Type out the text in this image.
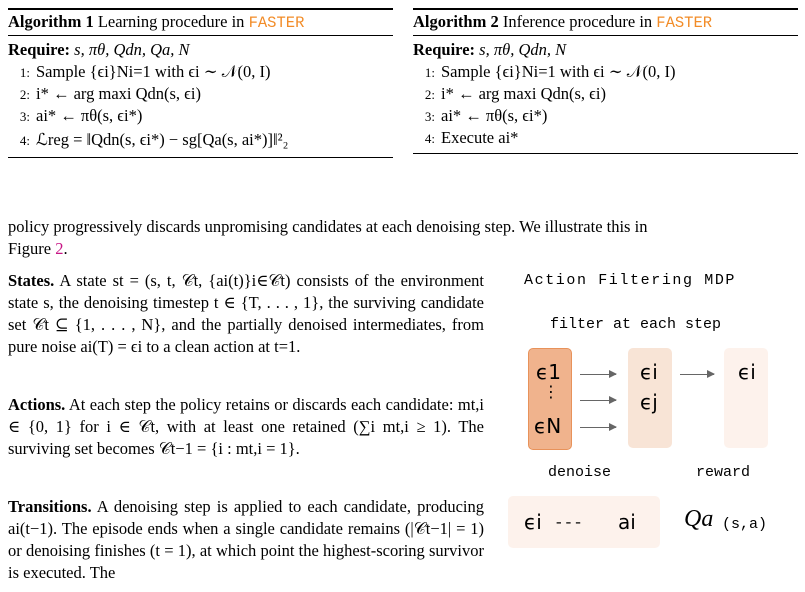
Algorithm 1 Learning procedure in FASTER
Require: s, πθ, Qdn, Qa, N
1: Sample {ϵi}Ni=1 with ϵi ∼ 𝒩(0, I)
2: i* ← arg maxi Qdn(s, ϵi)
3: ai* ← πθ(s, ϵi*)
4: ℒreg = ‖Qdn(s, ϵi*) − sg[Qa(s, ai*)]‖²₂
Algorithm 2 Inference procedure in FASTER
Require: s, πθ, Qdn, N
1: Sample {ϵi}Ni=1 with ϵi ∼ 𝒩(0, I)
2: i* ← arg maxi Qdn(s, ϵi)
3: ai* ← πθ(s, ϵi*)
4: Execute ai*
policy progressively discards unpromising candidates at each denoising step. We illustrate this in
Figure 2.
States. A state st = (s, t, 𝒞t, {ai(t)}i∈𝒞t) consists of the environment state s, the denoising timestep t ∈ {T, . . . , 1}, the surviving candidate set 𝒞t ⊆ {1, . . . , N}, and the partially denoised intermediates, from pure noise ai(T) = ϵi to a clean action at t=1.
Actions. At each step the policy retains or discards each candidate: mt,i ∈ {0, 1} for i ∈ 𝒞t, with at least one retained (∑i mt,i ≥ 1). The surviving set becomes 𝒞t−1 = {i : mt,i = 1}.
Transitions. A denoising step is applied to each candidate, producing ai(t−1). The episode ends when a single candidate remains (|𝒞t−1| = 1) or denoising finishes (t = 1), at which point the highest-scoring survivor is executed. The
Action Filtering MDP
filter at each step
ϵ1
⋮
ϵN
ϵi
ϵj
ϵi
denoise	reward
ϵi --- ai Qa (s,a)
